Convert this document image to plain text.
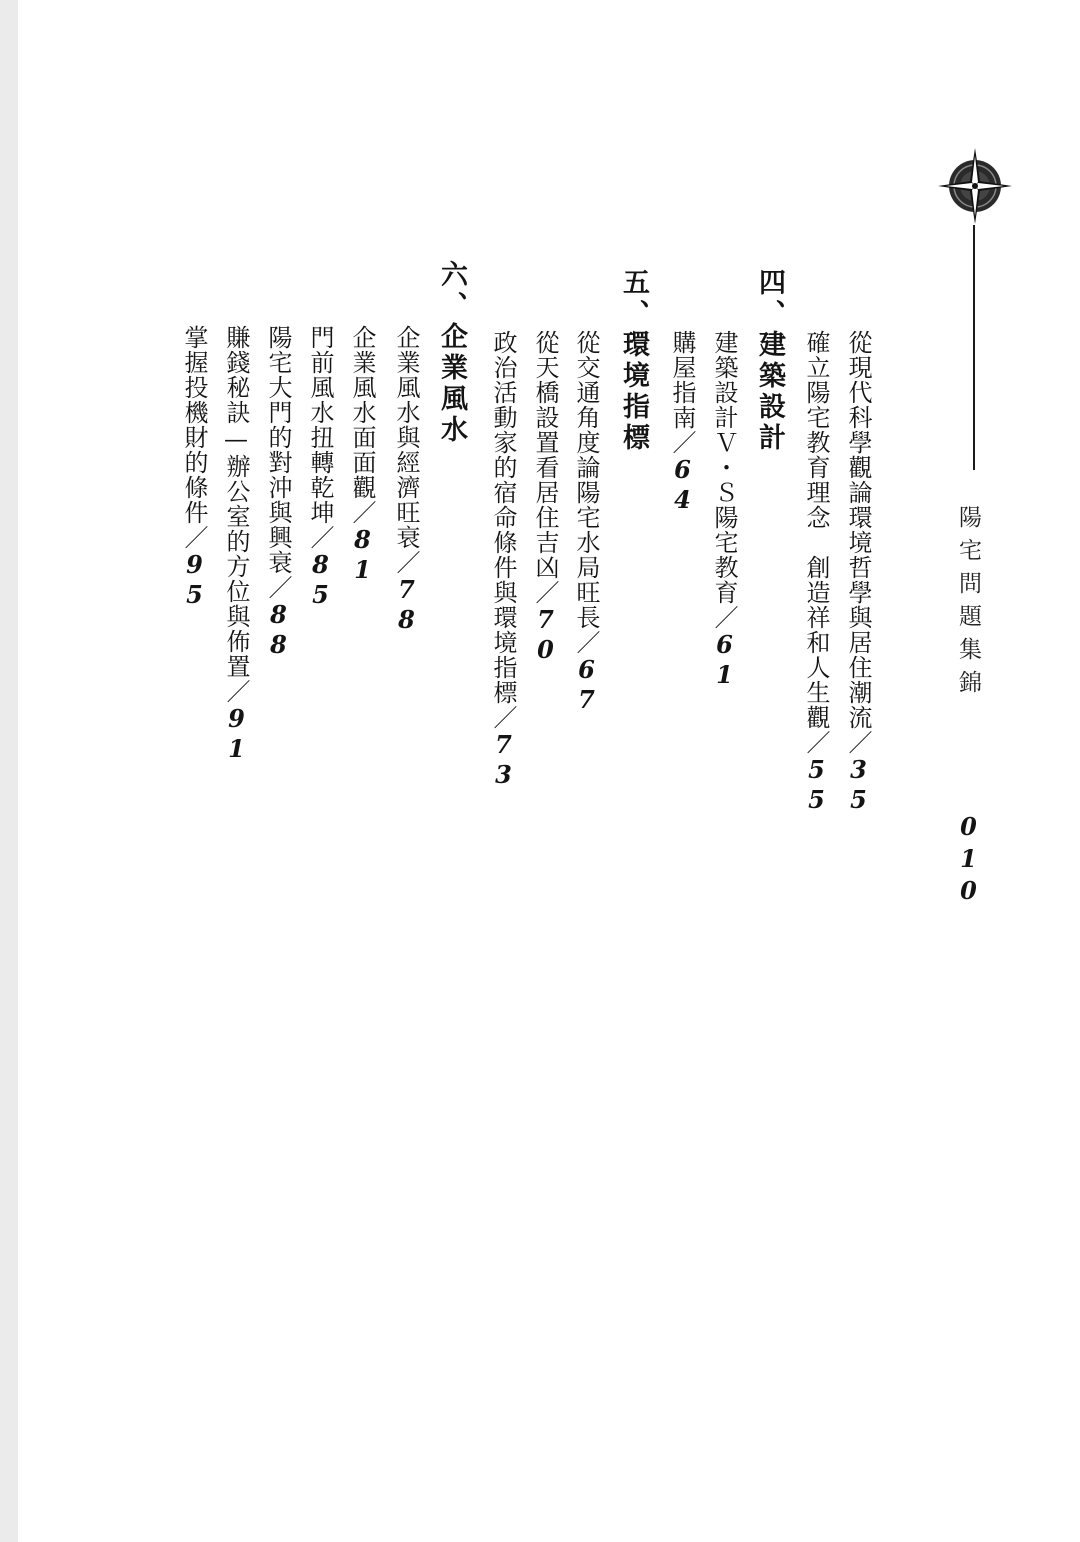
陽宅問題集錦
010
從現代科學觀論環境哲學與居住潮流／35
確立陽宅教育理念　創造祥和人生觀／55
四、建築設計
建築設計Ｖ・Ｓ陽宅教育／61
購屋指南／64
五、環境指標
從交通角度論陽宅水局旺長／67
從天橋設置看居住吉凶／70
政治活動家的宿命條件與環境指標／73
六、企業風水
企業風水與經濟旺衰／78
企業風水面面觀／81
門前風水扭轉乾坤／85
陽宅大門的對沖與興衰／88
賺錢秘訣—辦公室的方位與佈置／91
掌握投機財的條件／95
